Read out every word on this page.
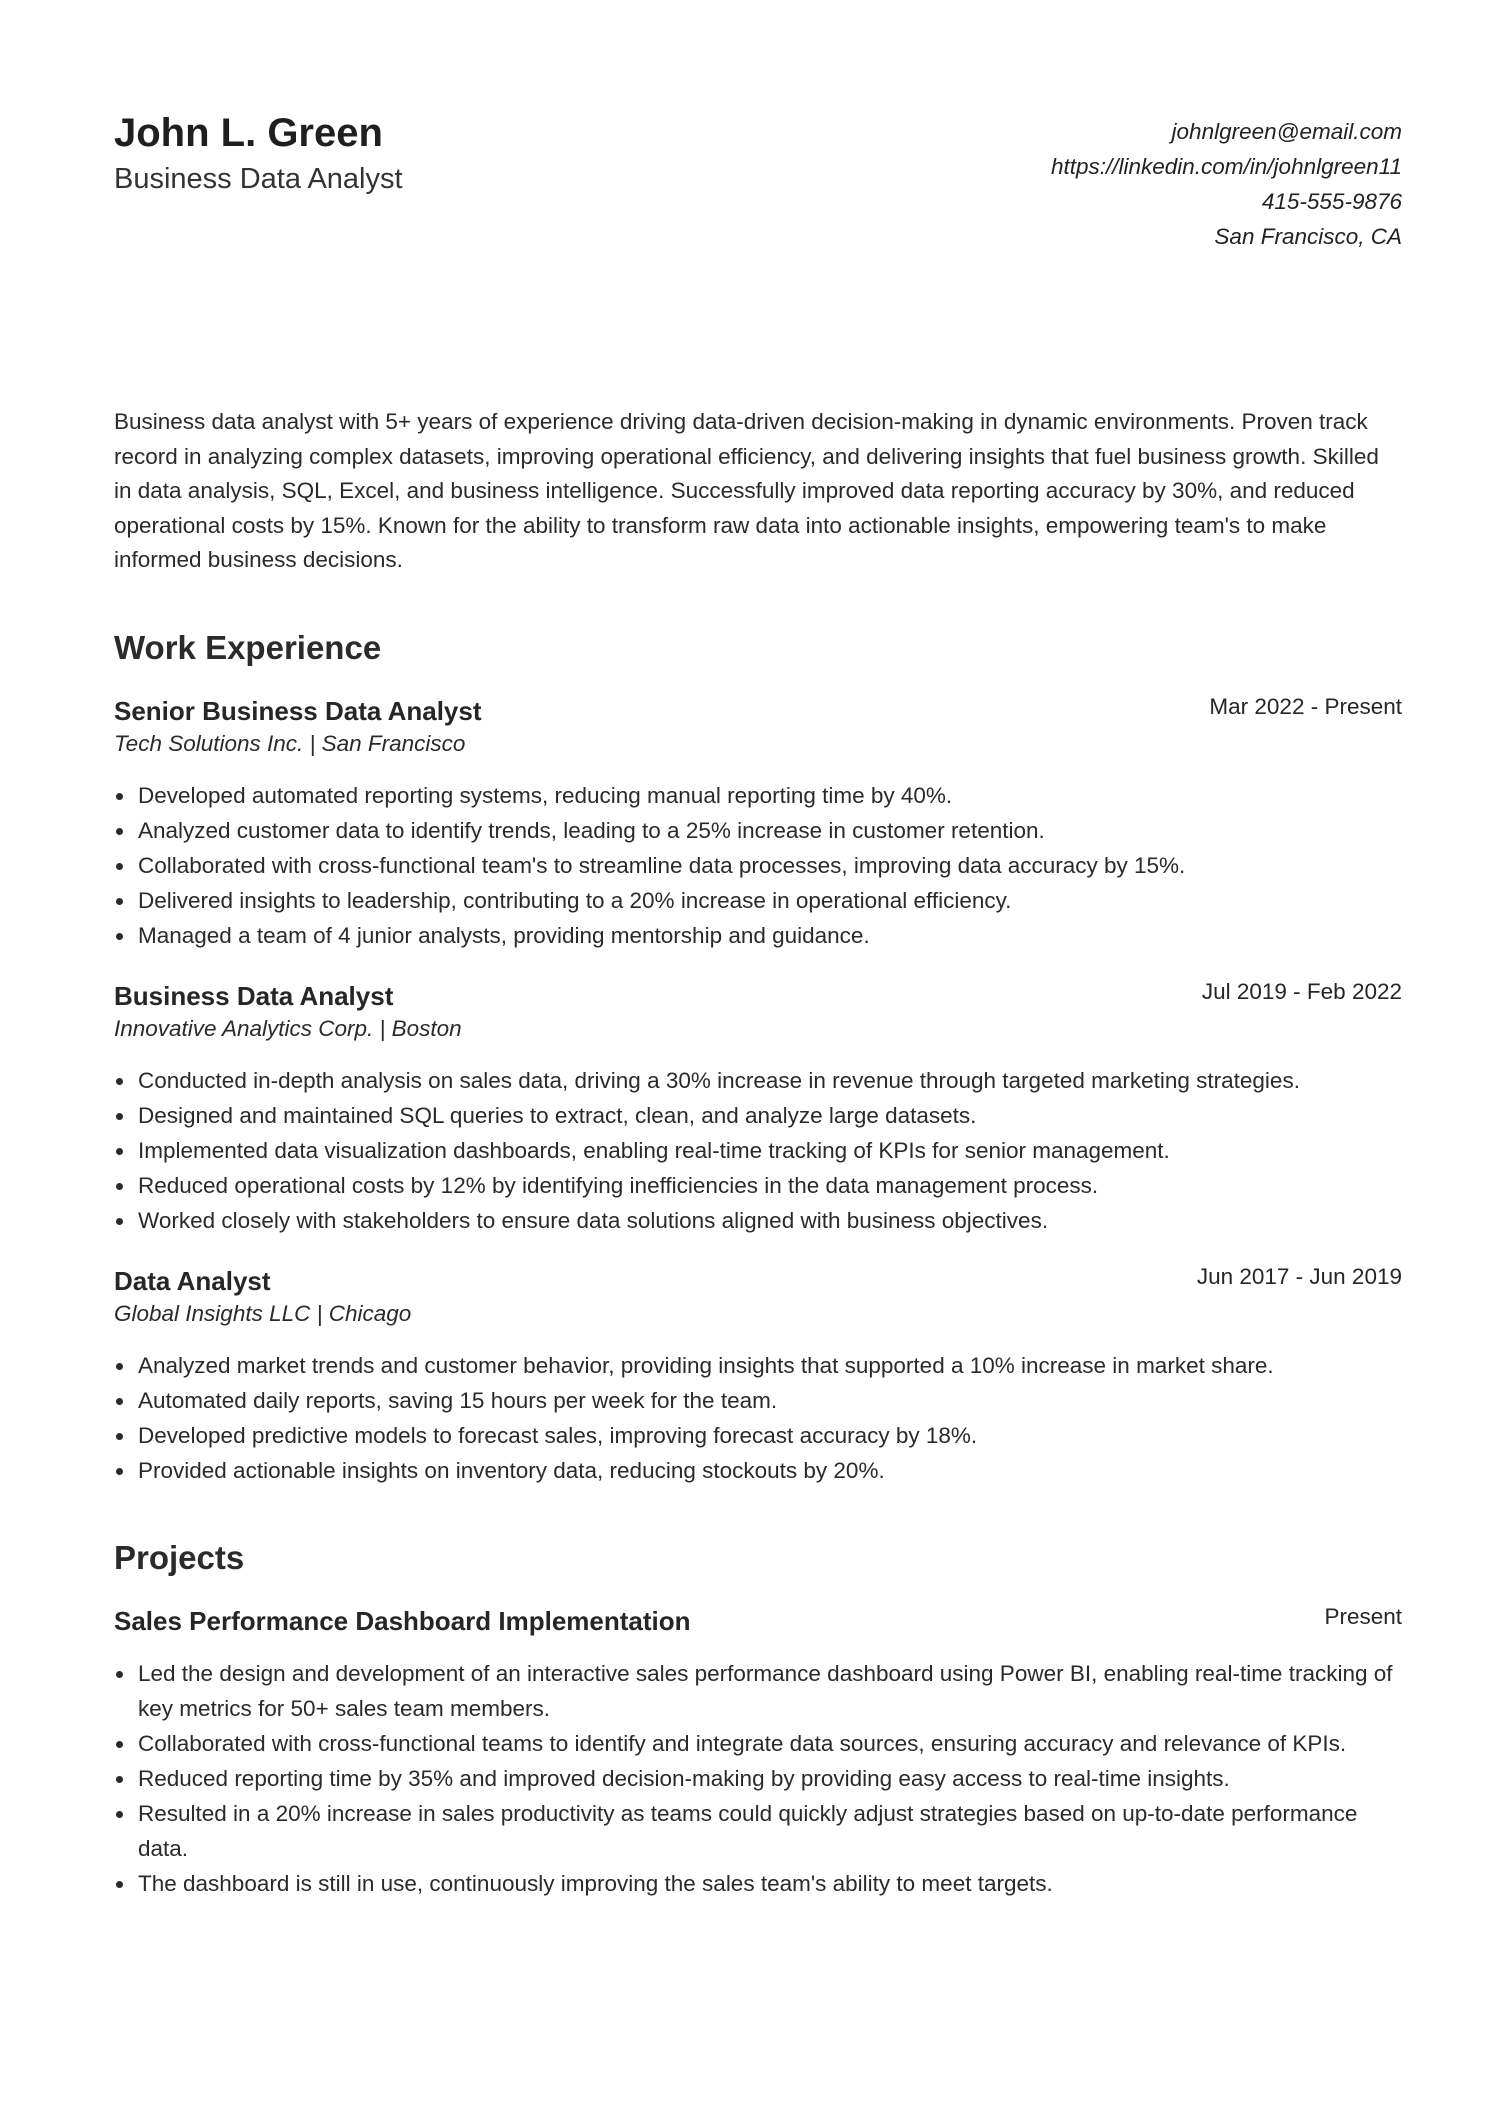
John L. Green
Business Data Analyst
johnlgreen@email.com
https://linkedin.com/in/johnlgreen11
415-555-9876
San Francisco, CA

Business data analyst with 5+ years of experience driving data-driven decision-making in dynamic environments. Proven track record in analyzing complex datasets, improving operational efficiency, and delivering insights that fuel business growth. Skilled in data analysis, SQL, Excel, and business intelligence. Successfully improved data reporting accuracy by 30%, and reduced operational costs by 15%. Known for the ability to transform raw data into actionable insights, empowering team's to make informed business decisions.

Work Experience
Senior Business Data Analyst	Mar 2022 - Present
Tech Solutions Inc. | San Francisco
Developed automated reporting systems, reducing manual reporting time by 40%.
Analyzed customer data to identify trends, leading to a 25% increase in customer retention.
Collaborated with cross-functional team's to streamline data processes, improving data accuracy by 15%.
Delivered insights to leadership, contributing to a 20% increase in operational efficiency.
Managed a team of 4 junior analysts, providing mentorship and guidance.
Business Data Analyst	Jul 2019 - Feb 2022
Innovative Analytics Corp. | Boston
Conducted in-depth analysis on sales data, driving a 30% increase in revenue through targeted marketing strategies.
Designed and maintained SQL queries to extract, clean, and analyze large datasets.
Implemented data visualization dashboards, enabling real-time tracking of KPIs for senior management.
Reduced operational costs by 12% by identifying inefficiencies in the data management process.
Worked closely with stakeholders to ensure data solutions aligned with business objectives.
Data Analyst	Jun 2017 - Jun 2019
Global Insights LLC | Chicago
Analyzed market trends and customer behavior, providing insights that supported a 10% increase in market share.
Automated daily reports, saving 15 hours per week for the team.
Developed predictive models to forecast sales, improving forecast accuracy by 18%.
Provided actionable insights on inventory data, reducing stockouts by 20%.
Projects
Sales Performance Dashboard Implementation	Present
Led the design and development of an interactive sales performance dashboard using Power BI, enabling real-time tracking of key metrics for 50+ sales team members.
Collaborated with cross-functional teams to identify and integrate data sources, ensuring accuracy and relevance of KPIs.
Reduced reporting time by 35% and improved decision-making by providing easy access to real-time insights.
Resulted in a 20% increase in sales productivity as teams could quickly adjust strategies based on up-to-date performance data.
The dashboard is still in use, continuously improving the sales team's ability to meet targets.
